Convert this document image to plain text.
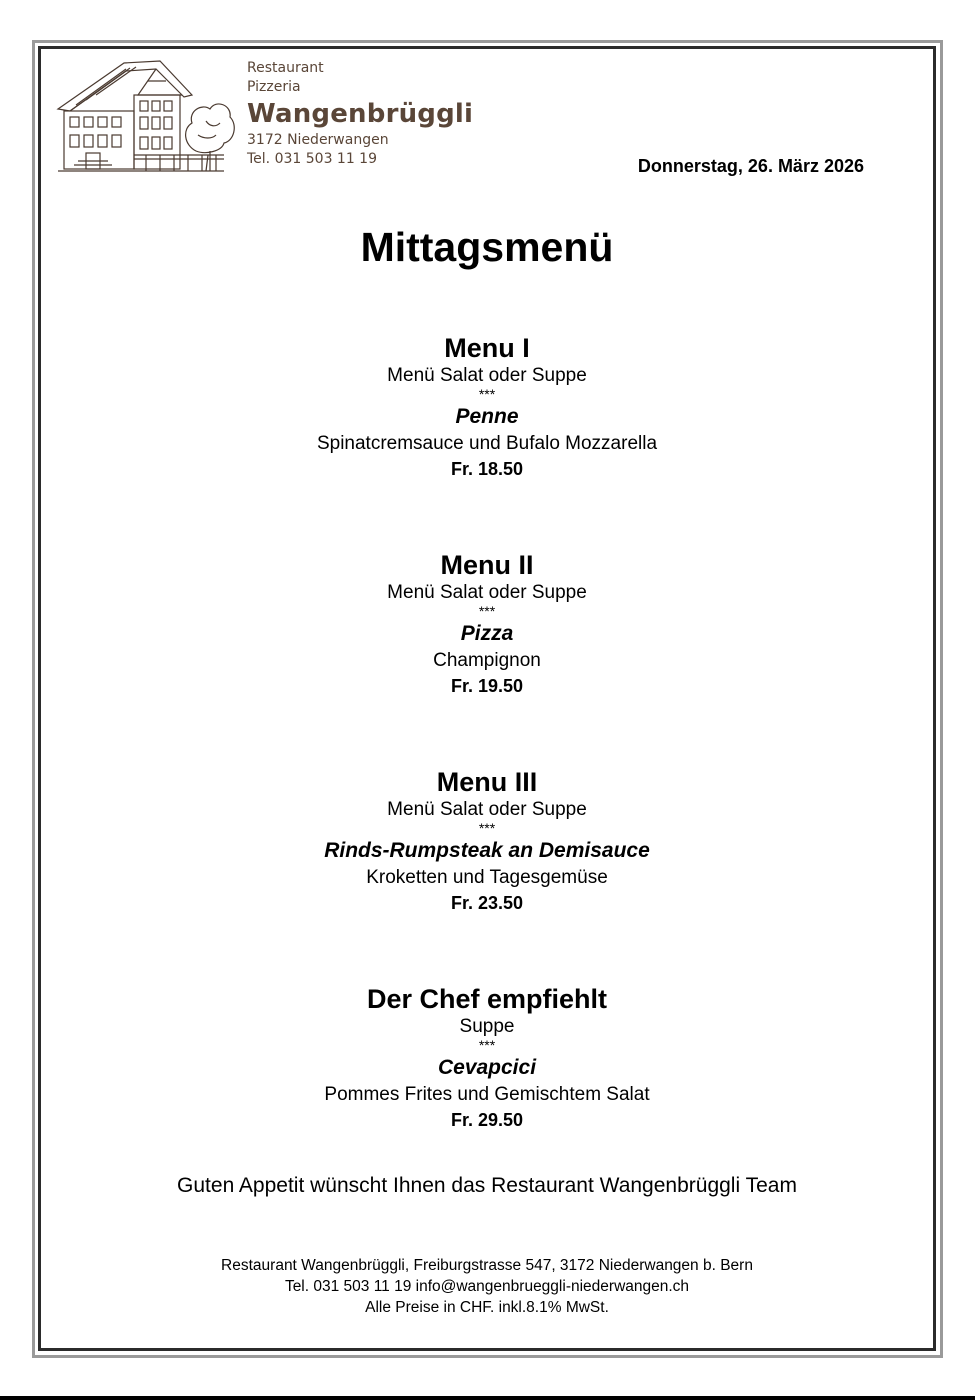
Restaurant
Pizzeria
Wangenbrüggli
3172 Niederwangen
Tel. 031 503 11 19	Donnerstag, 26. März 2026
Mittagsmenü
Menu I
Menü Salat oder Suppe
***
Penne
Spinatcremsauce und Bufalo Mozzarella
Fr. 18.50
Menu II
Menü Salat oder Suppe
***
Pizza
Champignon
Fr. 19.50
Menu III
Menü Salat oder Suppe
***
Rinds-Rumpsteak an Demisauce
Kroketten und Tagesgemüse
Fr. 23.50
Der Chef empfiehlt
Suppe
***
Cevapcici
Pommes Frites und Gemischtem Salat
Fr. 29.50
Guten Appetit wünscht Ihnen das Restaurant Wangenbrüggli Team
Restaurant Wangenbrüggli, Freiburgstrasse 547, 3172 Niederwangen b. Bern
Tel. 031 503 11 19 info@wangenbrueggli-niederwangen.ch
Alle Preise in CHF. inkl.8.1% MwSt.
